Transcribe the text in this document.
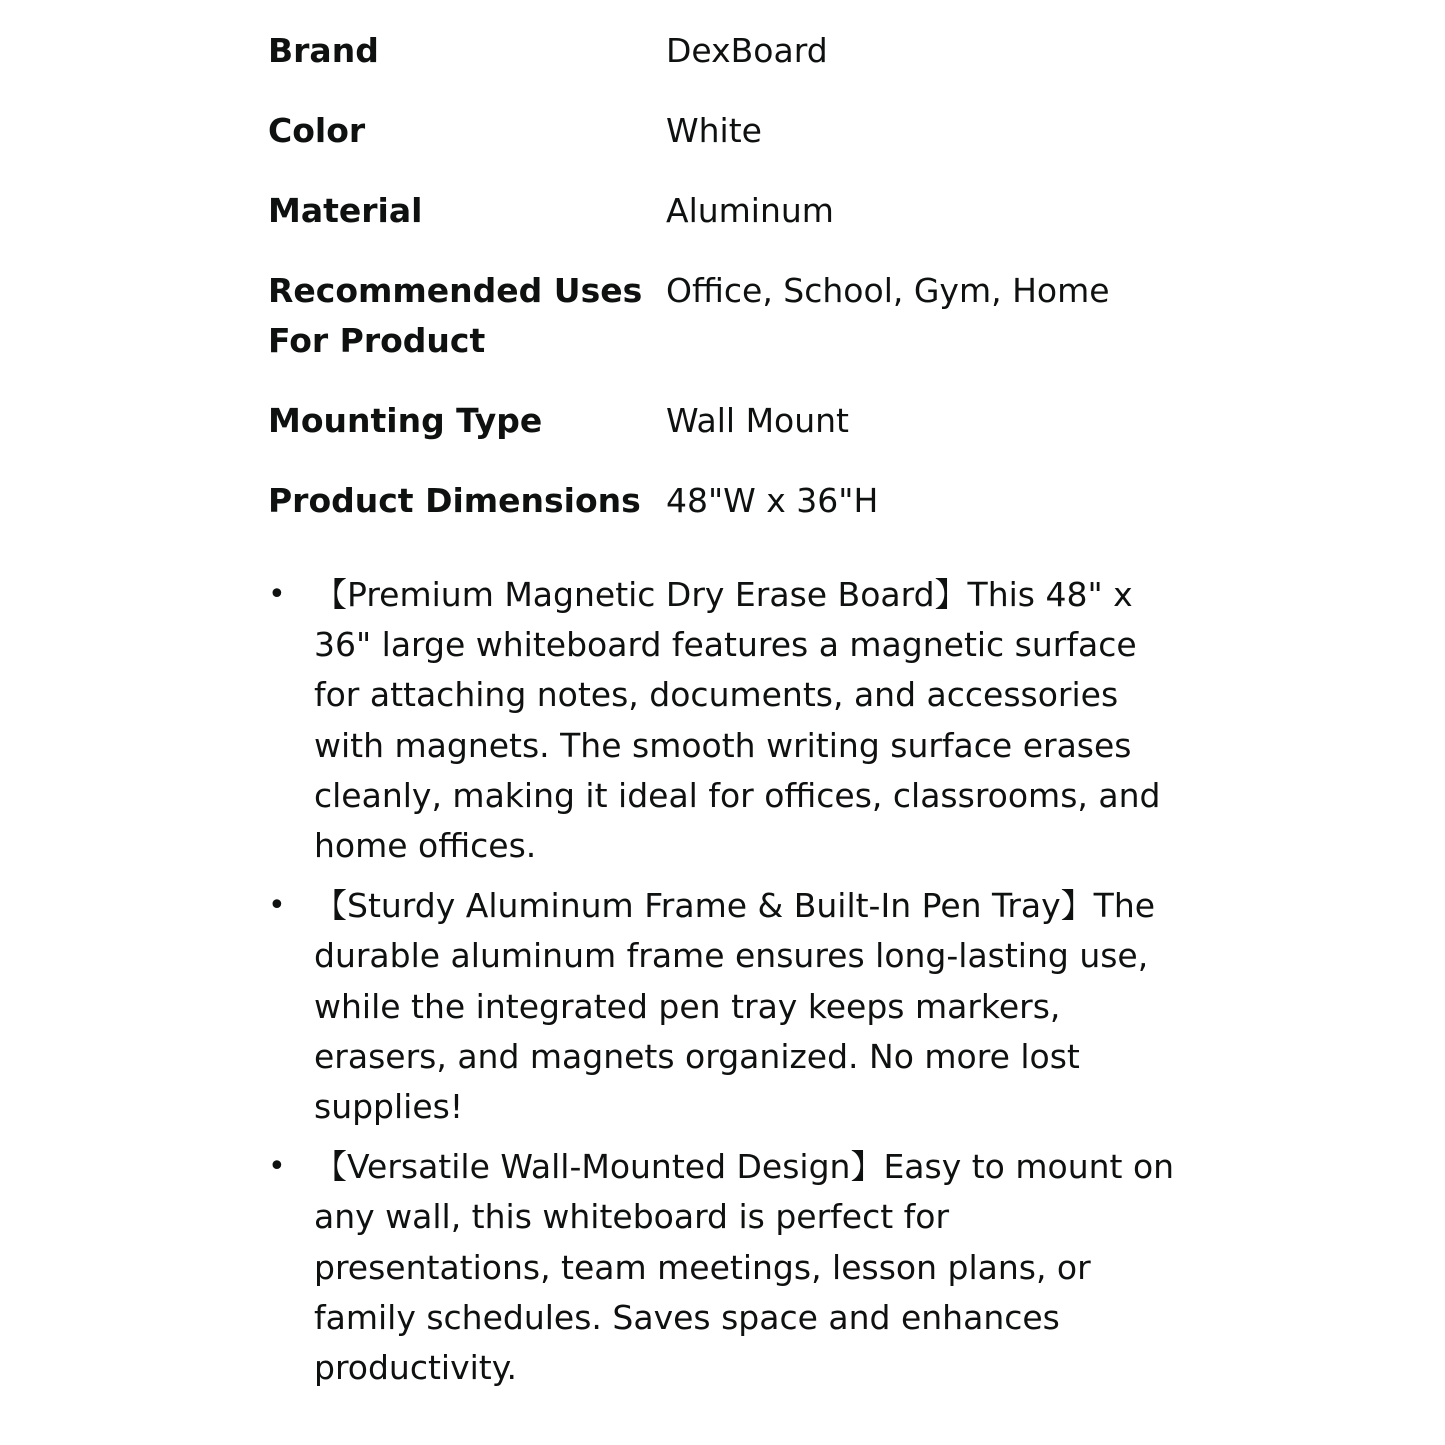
Brand	DexBoard
Color	White
Material	Aluminum
Recommended Uses For Product	Office, School, Gym, Home
Mounting Type	Wall Mount
Product Dimensions	48"W x 36"H
• 【Premium Magnetic Dry Erase Board】This 48" x 36" large whiteboard features a magnetic surface for attaching notes, documents, and accessories with magnets. The smooth writing surface erases cleanly, making it ideal for offices, classrooms, and home offices.
• 【Sturdy Aluminum Frame & Built-In Pen Tray】The durable aluminum frame ensures long-lasting use, while the integrated pen tray keeps markers, erasers, and magnets organized. No more lost supplies!
• 【Versatile Wall-Mounted Design】Easy to mount on any wall, this whiteboard is perfect for presentations, team meetings, lesson plans, or family schedules. Saves space and enhances productivity.
